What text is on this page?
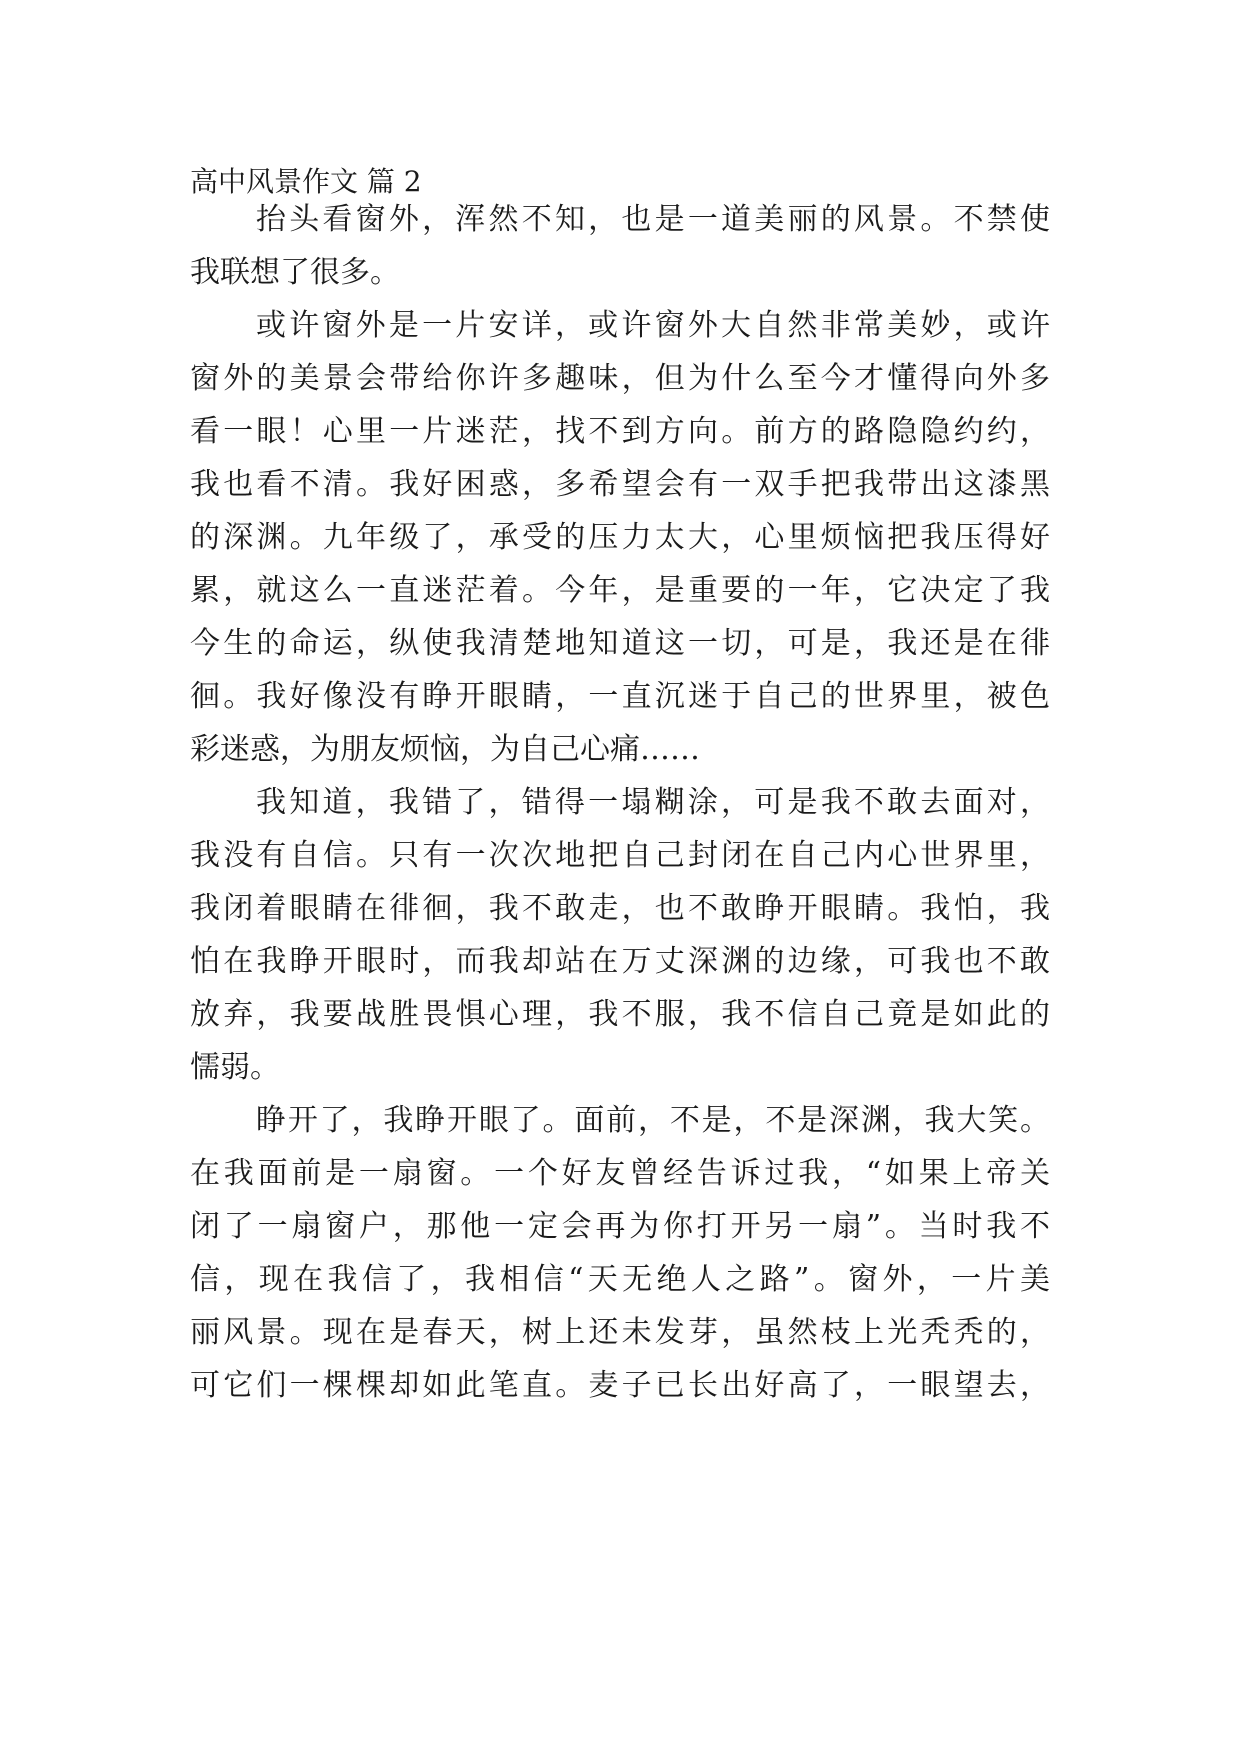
高中风景作文 篇 2
抬头看窗外，浑然不知，也是一道美丽的风景。不禁使
我联想了很多。
或许窗外是一片安详，或许窗外大自然非常美妙，或许
窗外的美景会带给你许多趣味，但为什么至今才懂得向外多
看一眼！心里一片迷茫，找不到方向。前方的路隐隐约约，
我也看不清。我好困惑，多希望会有一双手把我带出这漆黑
的深渊。九年级了，承受的压力太大，心里烦恼把我压得好
累，就这么一直迷茫着。今年，是重要的一年，它决定了我
今生的命运，纵使我清楚地知道这一切，可是，我还是在徘
徊。我好像没有睁开眼睛，一直沉迷于自己的世界里，被色
彩迷惑，为朋友烦恼，为自己心痛……
我知道，我错了，错得一塌糊涂，可是我不敢去面对，
我没有自信。只有一次次地把自己封闭在自己内心世界里，
我闭着眼睛在徘徊，我不敢走，也不敢睁开眼睛。我怕，我
怕在我睁开眼时，而我却站在万丈深渊的边缘，可我也不敢
放弃，我要战胜畏惧心理，我不服，我不信自己竟是如此的
懦弱。
睁开了，我睁开眼了。面前，不是，不是深渊，我大笑。
在我面前是一扇窗。一个好友曾经告诉过我，“如果上帝关
闭了一扇窗户，那他一定会再为你打开另一扇”。当时我不
信，现在我信了，我相信“天无绝人之路”。窗外，一片美
丽风景。现在是春天，树上还未发芽，虽然枝上光秃秃的，
可它们一棵棵却如此笔直。麦子已长出好高了，一眼望去，
